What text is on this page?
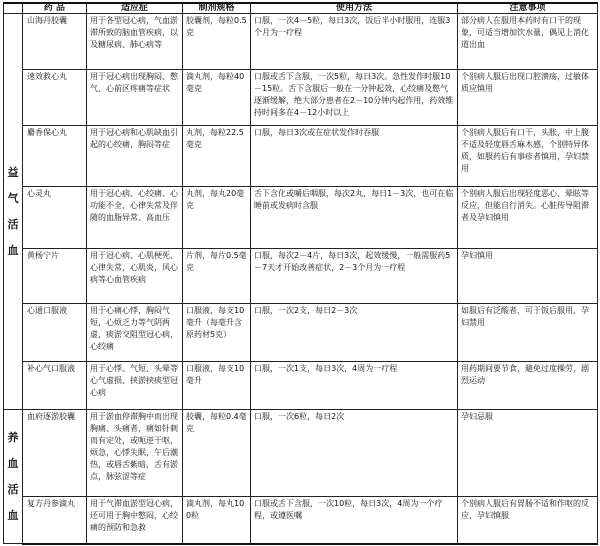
	药 品	适应症	制剂规格	使用方法	注意事项
益
气
活
血	山海丹胶囊	用于各型冠心病，气血淤滞所致的脑血管疾病，以及糖尿病、肺心病等	胶囊剂，每粒0.5克	口服，一次4－5粒，每日3次，饭后半小时服用，连服3个月为一疗程	部分病人在服用本药时有口干的现象，可适当增加饮水量，偶见上消化道出血
	速效救心丸	用于冠心病出现胸闷、憋气、心前区疼痛等症状	滴丸剂，每粒40毫克	口服或舌下含服，一次5粒，每日3次。急性发作时服10－15粒。舌下含服后一般在一分钟起效，心绞痛及憋气逐渐缓解，绝大部分患者在2－10分钟内起作用，药效维持时间多在4－12小时以上	个别病人服后出现口腔溃疡，过敏体质应慎用
	麝香保心丸	用于冠心病和心肌缺血引起的心绞痛，胸闷等症	丸剂，每粒22.5毫克	口服，每日3次或在症状发作时吞服	个别病人服后有口干，头胀，中上腹不适及轻度唇舌麻木感，个别特异体质，如服药后有事疹者慎用，孕妇禁用
	心灵丸	用于冠心病、心绞痛、心功能不全，心律失常及伴随的血脂异常、高血压	丸剂，每丸20毫克	舌下含化或嚼后咽服，每次2丸，每日1－3次，也可在临睡前或发病时含服	个别病人服后出现轻度恶心、晕眩等反应，但能自行消失。心脏传导阻滞者及孕妇慎用
	黄杨宁片	用于冠心病、心肌梗死、心律失常，心肌炎，风心病等心血管疾病	片剂，每片0.5毫克	口服，每次2－4片，每日3次，起效缓慢，一般需服药5－7天才开始改善症状，2－3个月为一疗程	孕妇慎用
	心通口服液	用于心痛心悸，胸闷气短，心烦乏力等气阴两虚，痰淤交阻型冠心病，心绞痛	口服液，每支10毫升（每毫升含原药材5克）	口服，一次2支，每日2－3次	如服后有泛酸者，可于饭后服用，孕妇禁用
	补心气口服液	用于心悸、气短、头晕等心气虚损、挟淤挟痰型冠心病	口服液，每支10毫升	口服，一次1支，每日3次，4周为一疗程	用药期间要节食，避免过度操劳，剧烈运动
养
血
活
血	血府逐淤胶囊	用于淤血停滞胸中而出现胸痛、头痛者，痛如针刺而有定处，或呃逆干呕，烦急，心悸失眠，午后潮热，或唇舌紫暗，舌有淤点，脉弦涩等症	胶囊，每粒0.4毫克	口服，一次6粒，每日2次	孕妇忌服
	复方丹参滴丸	用于气滞血淤型冠心病，还可用于胸中憋闷，心绞痛的预防和急救	滴丸剂，每丸100粒	口服或舌下含服，一次10粒，每日3次，4周为一个疗程，或遵医嘱	个别病人服后有胃肠不适和作呕的反应，孕妇慎服
